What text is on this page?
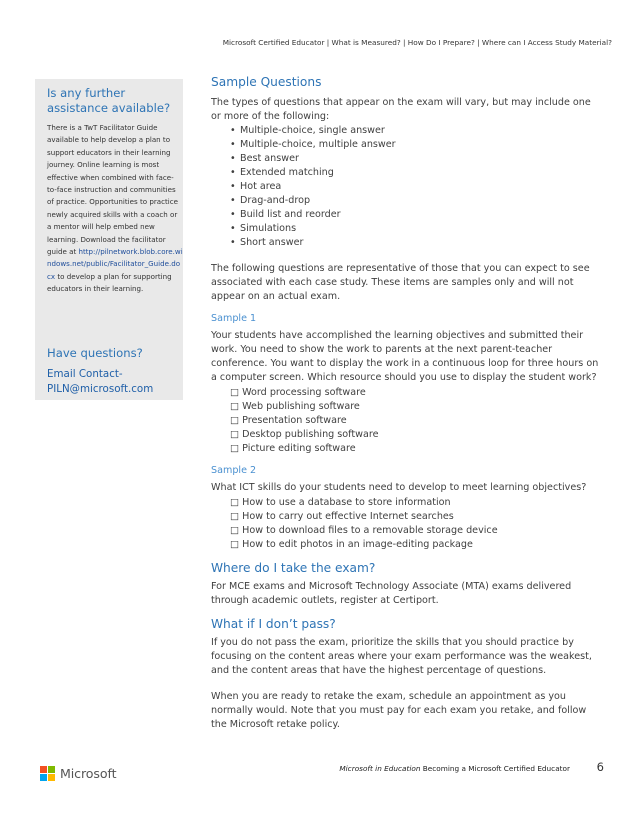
Microsoft Certified Educator | What is Measured? | How Do I Prepare? | Where can I Access Study Material?
Is any further assistance available?

There is a TwT Facilitator Guide available to help develop a plan to support educators in their learning journey. Online learning is most effective when combined with face-to-face instruction and communities of practice. Opportunities to practice newly acquired skills with a coach or a mentor will help embed new learning. Download the facilitator guide at http://pilnetwork.blob.core.windows.net/public/Facilitator_Guide.docx to develop a plan for supporting educators in their learning.

Have questions?
Email Contact-
PILN@microsoft.com
Sample Questions

The types of questions that appear on the exam will vary, but may include one or more of the following:

• Multiple-choice, single answer
• Multiple-choice, multiple answer
• Best answer
• Extended matching
• Hot area
• Drag-and-drop
• Build list and reorder
• Simulations
• Short answer

The following questions are representative of those that you can expect to see associated with each case study. These items are samples only and will not appear on an actual exam.

Sample 1

Your students have accomplished the learning objectives and submitted their work. You need to show the work to parents at the next parent-teacher conference. You want to display the work in a continuous loop for three hours on a computer screen. Which resource should you use to display the student work?

□ Word processing software
□ Web publishing software
□ Presentation software
□ Desktop publishing software
□ Picture editing software
Sample 2

What ICT skills do your students need to develop to meet learning objectives?

□ How to use a database to store information
□ How to carry out effective Internet searches
□ How to download files to a removable storage device
□ How to edit photos in an image-editing package
Where do I take the exam?

For MCE exams and Microsoft Technology Associate (MTA) exams delivered through academic outlets, register at Certiport.

What if I don’t pass?

If you do not pass the exam, prioritize the skills that you should practice by focusing on the content areas where your exam performance was the weakest, and the content areas that have the highest percentage of questions.

When you are ready to retake the exam, schedule an appointment as you normally would. Note that you must pay for each exam you retake, and follow the Microsoft retake policy.

Microsoft	Microsoft in Education Becoming a Microsoft Certified Educator	6
